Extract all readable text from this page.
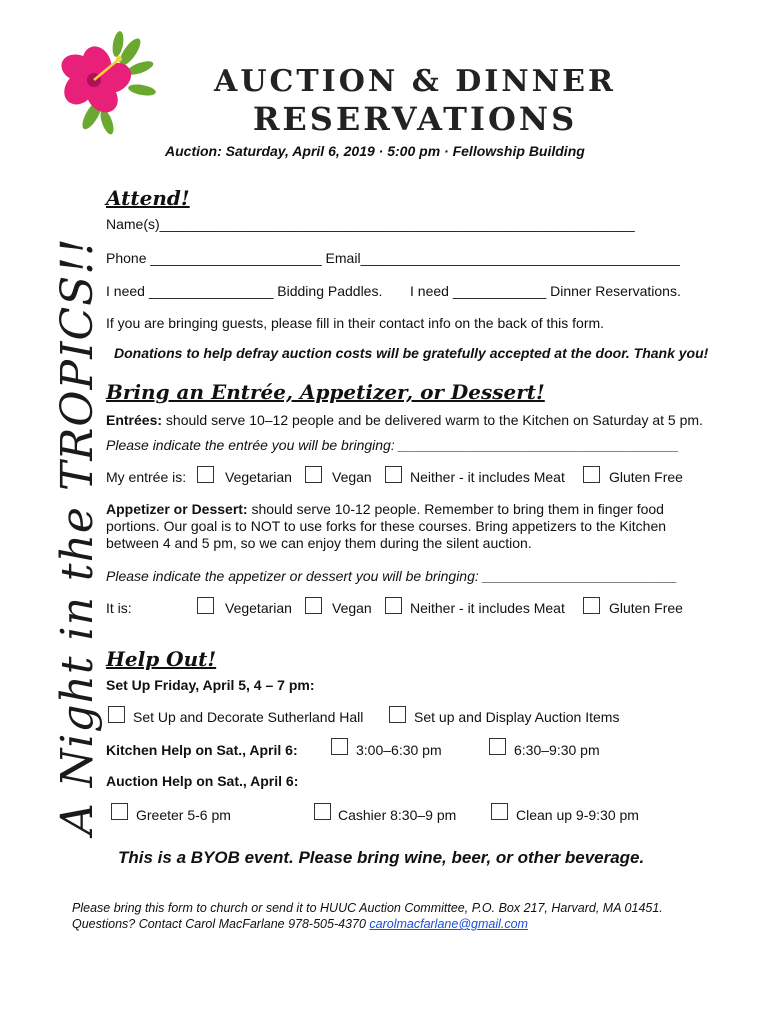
A Night in the TROPICS!!
AUCTION & DINNER
RESERVATIONS
Auction: Saturday, April 6, 2019 · 5:00 pm · Fellowship Building
Attend!
Name(s)_____________________________________________________________
Phone ______________________ Email_________________________________________
I need ________________ Bidding Paddles. I need ____________ Dinner Reservations.
If you are bringing guests, please fill in their contact info on the back of this form.
Donations to help defray auction costs will be gratefully accepted at the door. Thank you!
Bring an Entrée, Appetizer, or Dessert!
Entrées: should serve 10–12 people and be delivered warm to the Kitchen on Saturday at 5 pm.
Please indicate the entrée you will be bringing: ____________________________________
My entrée is:	Vegetarian	Vegan	Neither - it includes Meat	Gluten Free
Appetizer or Dessert: should serve 10-12 people. Remember to bring them in finger food portions. Our goal is to NOT to use forks for these courses. Bring appetizers to the Kitchen between 4 and 5 pm, so we can enjoy them during the silent auction.
Please indicate the appetizer or dessert you will be bringing: _________________________
It is:	Vegetarian	Vegan	Neither - it includes Meat	Gluten Free
Help Out!
Set Up Friday, April 5, 4 – 7 pm:
Set Up and Decorate Sutherland Hall	Set up and Display Auction Items
Kitchen Help on Sat., April 6:	3:00–6:30 pm	6:30–9:30 pm
Auction Help on Sat., April 6:
Greeter 5-6 pm	Cashier 8:30–9 pm	Clean up 9-9:30 pm
This is a BYOB event. Please bring wine, beer, or other beverage.
Please bring this form to church or send it to HUUC Auction Committee, P.O. Box 217, Harvard, MA 01451.
Questions? Contact Carol MacFarlane 978-505-4370 carolmacfarlane@gmail.com
